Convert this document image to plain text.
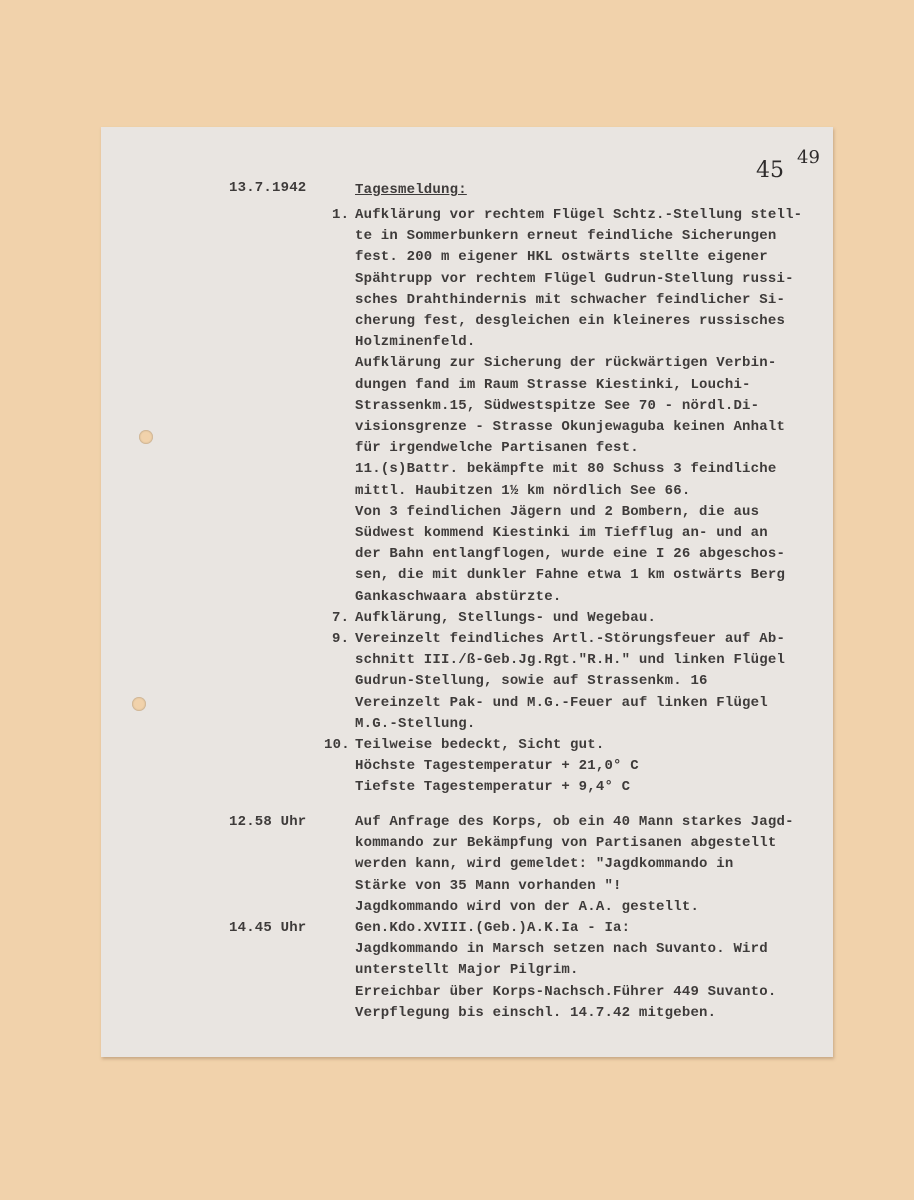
45
49
13.7.1942	Tagesmeldung:
1. Aufklärung vor rechtem Flügel Schtz.-Stellung stell-
te in Sommerbunkern erneut feindliche Sicherungen
fest. 200 m eigener HKL ostwärts stellte eigener
Spähtrupp vor rechtem Flügel Gudrun-Stellung russi-
sches Drahthindernis mit schwacher feindlicher Si-
cherung fest, desgleichen ein kleineres russisches
Holzminenfeld.
Aufklärung zur Sicherung der rückwärtigen Verbin-
dungen fand im Raum Strasse Kiestinki, Louchi-
Strassenkm.15, Südwestspitze See 70 - nördl.Di-
visionsgrenze - Strasse Okunjewaguba keinen Anhalt
für irgendwelche Partisanen fest.
11.(s)Battr. bekämpfte mit 80 Schuss 3 feindliche
mittl. Haubitzen 1½ km nördlich See 66.
Von 3 feindlichen Jägern und 2 Bombern, die aus
Südwest kommend Kiestinki im Tiefflug an- und an
der Bahn entlangflogen, wurde eine I 26 abgeschos-
sen, die mit dunkler Fahne etwa 1 km ostwärts Berg
Gankaschwaara abstürzte.
7. Aufklärung, Stellungs- und Wegebau.
9. Vereinzelt feindliches Artl.-Störungsfeuer auf Ab-
schnitt III./ß-Geb.Jg.Rgt."R.H." und linken Flügel
Gudrun-Stellung, sowie auf Strassenkm. 16
Vereinzelt Pak- und M.G.-Feuer auf linken Flügel
M.G.-Stellung.
10. Teilweise bedeckt, Sicht gut.
Höchste Tagestemperatur + 21,0° C
Tiefste Tagestemperatur + 9,4° C
12.58 Uhr	Auf Anfrage des Korps, ob ein 40 Mann starkes Jagd-
kommando zur Bekämpfung von Partisanen abgestellt
werden kann, wird gemeldet: "Jagdkommando in
Stärke von 35 Mann vorhanden "!
Jagdkommando wird von der A.A. gestellt.
14.45 Uhr	Gen.Kdo.XVIII.(Geb.)A.K.Ia - Ia:
Jagdkommando in Marsch setzen nach Suvanto. Wird
unterstellt Major Pilgrim.
Erreichbar über Korps-Nachsch.Führer 449 Suvanto.
Verpflegung bis einschl. 14.7.42 mitgeben.
